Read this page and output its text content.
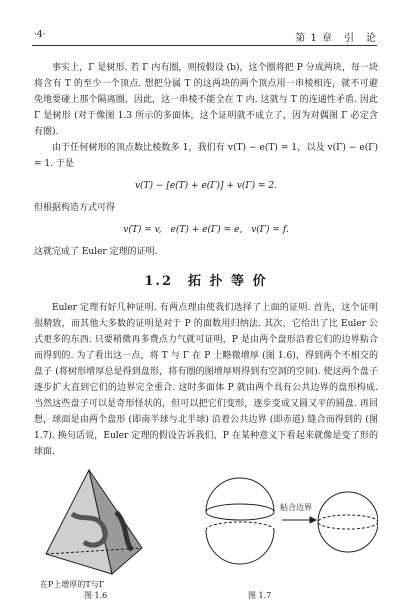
·4·	第 1 章　引　论

事实上，Γ 是树形. 若 Γ 内有圈，则按假设 (b)，这个圈将把 P 分成两块，每一块将含有 T 的至少一个顶点. 想把分属 T 的这两块的两个顶点用一串棱相连，就不可避免地要碰上那个隔离圈，因此，这一串棱不能全在 T 内. 这就与 T 的连通性矛盾. 因此 Γ 是树形 (对于像图 1.3 所示的多面体，这个证明就不成立了，因为对偶图 Γ 必定含有圈).

由于任何树形的顶点数比棱数多 1，我们有 v(T) − e(T) = 1，以及 v(Γ) − e(Γ) = 1. 于是

v(T) − [e(T) + e(Γ)] + v(Γ) = 2.

但根据构造方式可得

v(T) = v,　e(T) + e(Γ) = e,　v(Γ) = f.

这就完成了 Euler 定理的证明.

1.2　拓 扑 等 价

Euler 定理有好几种证明. 有两点理由使我们选择了上面的证明. 首先，这个证明很精致，而其他大多数的证明是对于 P 的面数用归纳法. 其次，它给出了比 Euler 公式更多的东西. 只要稍微再多费点力气就可证明，P 是由两个盘形沿着它们的边界粘合而得到的. 为了看出这一点，将 T 与 Γ 在 P 上略微增厚 (图 1.6)，得到两个不相交的盘子 (将树形增厚总是得到盘形，将有圈的图增厚则得到有空洞的空间). 使这两个盘子逐步扩大直到它们的边界完全重合. 这时多面体 P 就由两个具有公共边界的盘形构成. 当然这些盘子可以是奇形怪状的，但可以把它们变形，逐步变成又圆又平的圆盘. 再回想，球面是由两个盘形 (即南半球与北半球) 沿着公共边界 (即赤道) 缝合而得到的 (图 1.7). 换句话说，Euler 定理的假设告诉我们，P 在某种意义下看起来就像是变了形的球面.

在P上增厚的T与Γ
图 1.6
粘合边界
图 1.7
